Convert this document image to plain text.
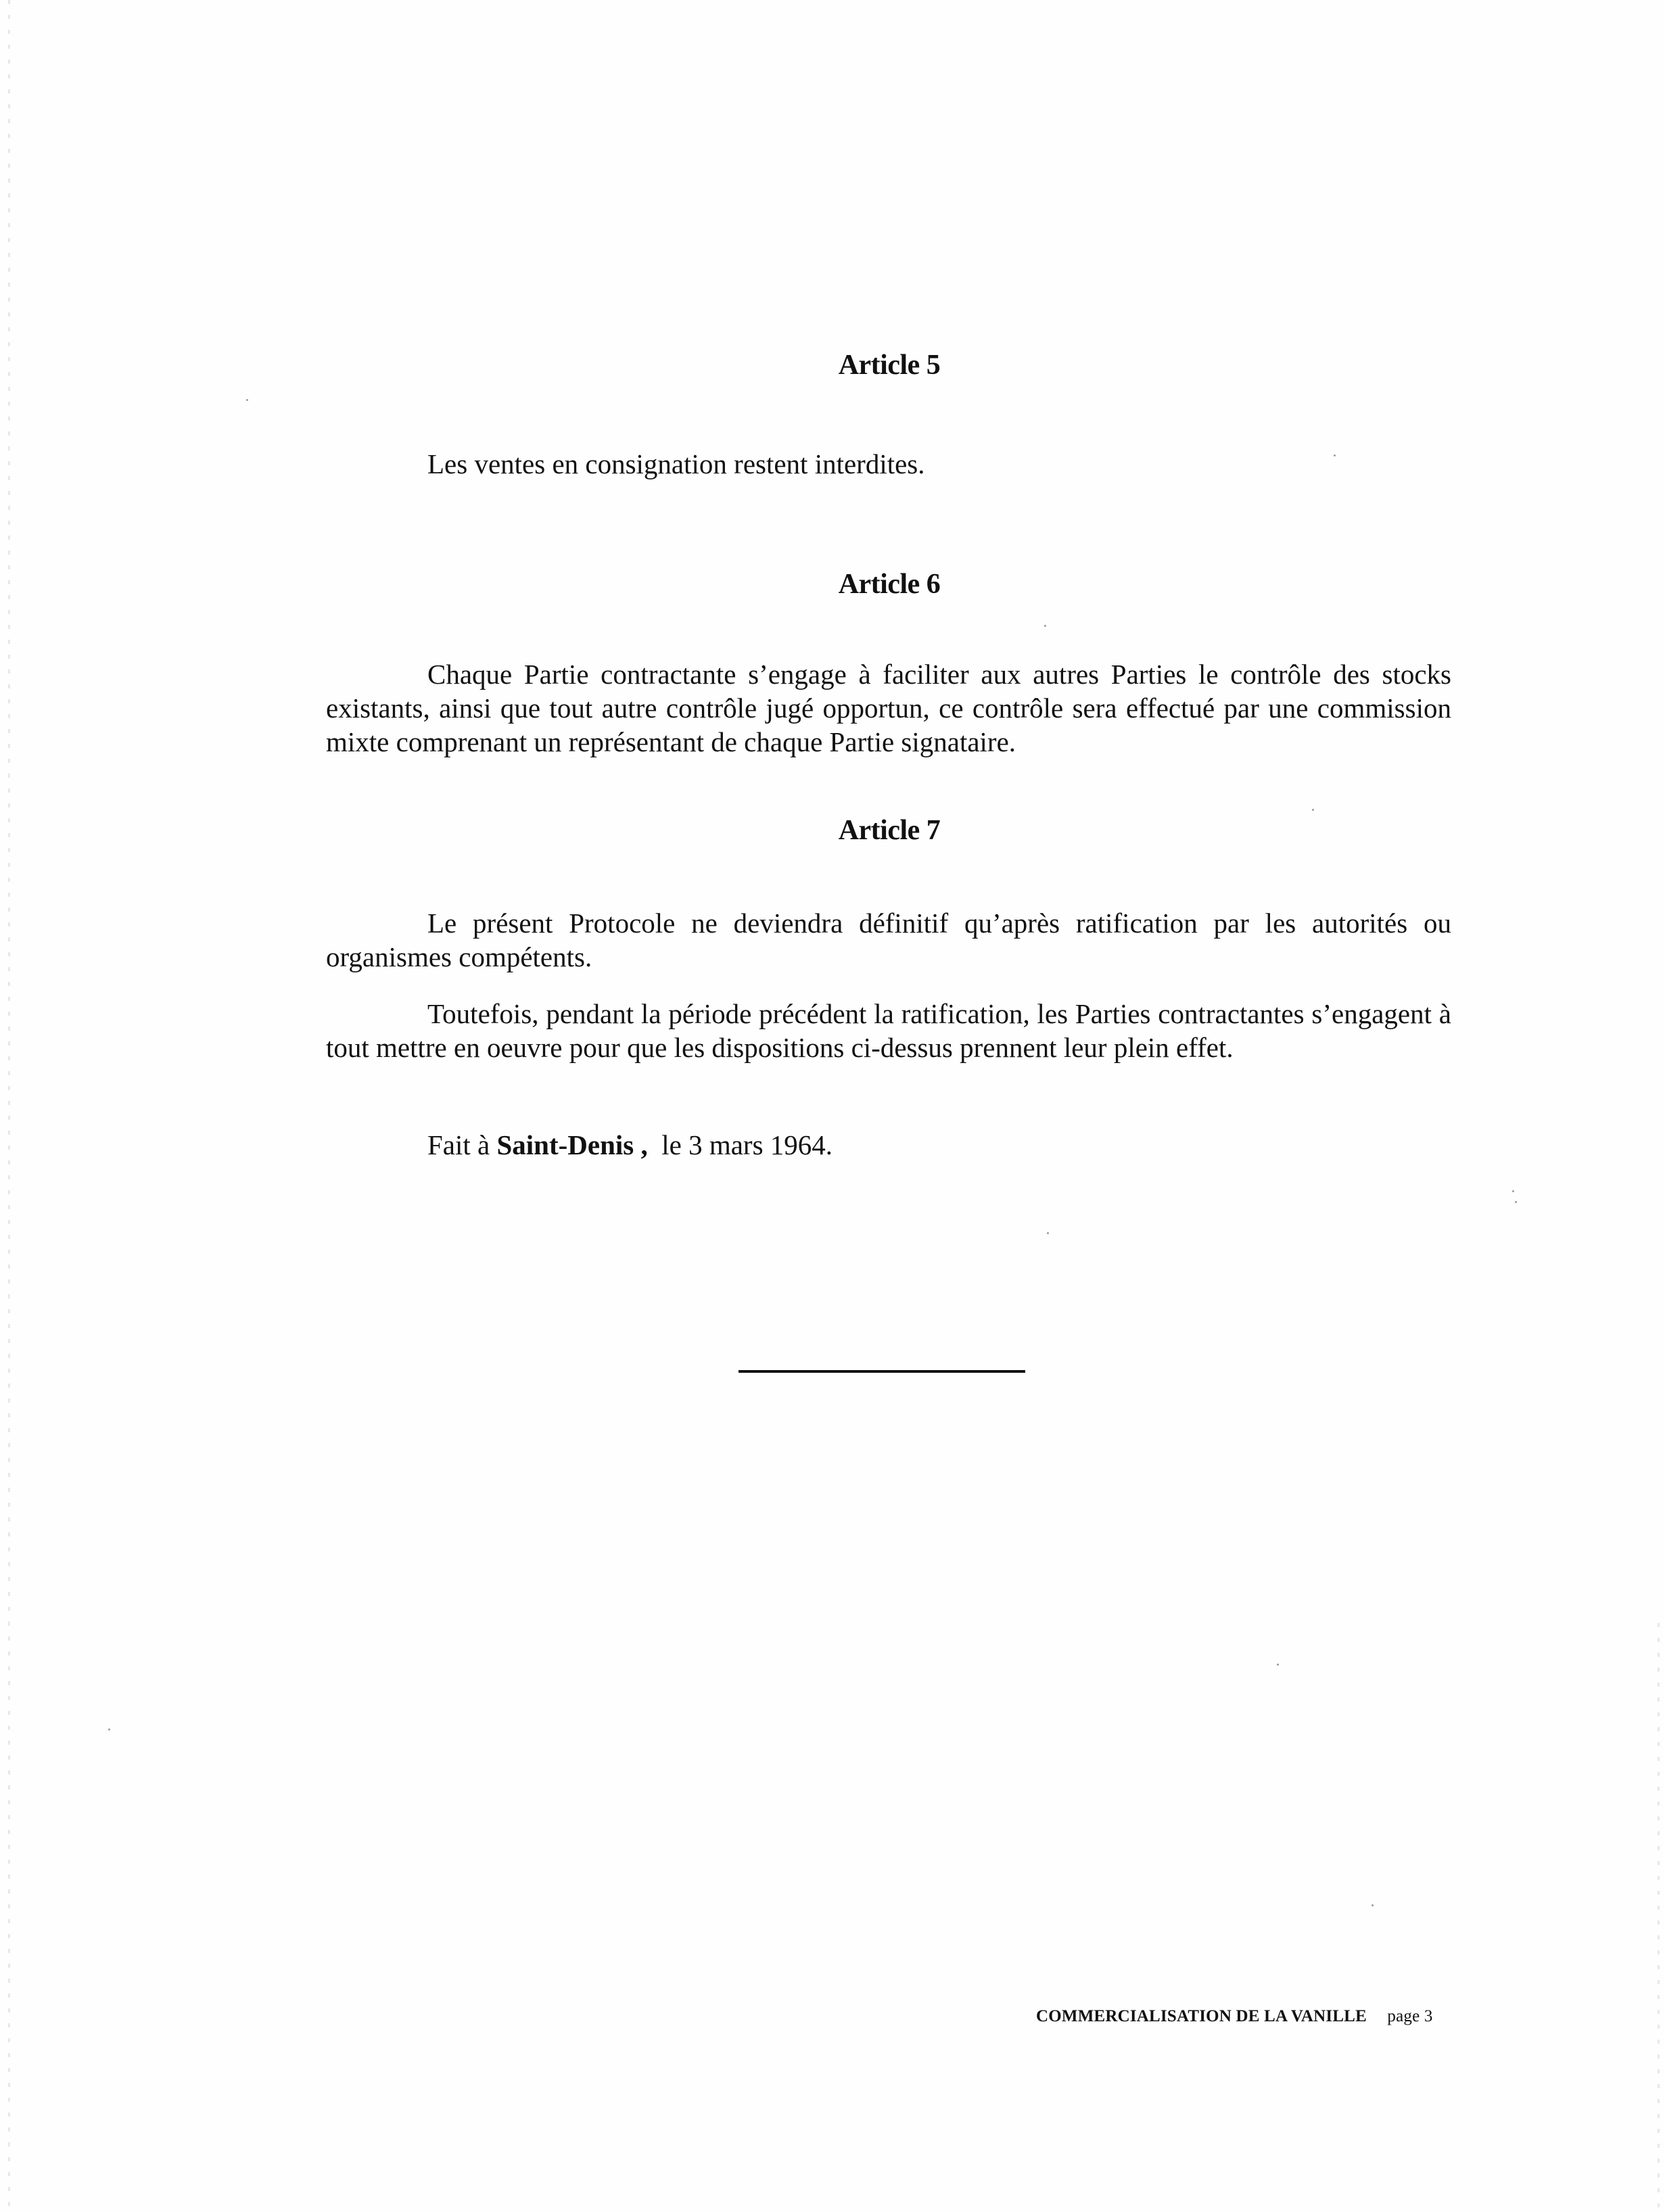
Article 5
Les ventes en consignation restent interdites.
Article 6
Chaque Partie contractante s’engage à faciliter aux autres Parties le contrôle des stocks existants, ainsi que tout autre contrôle jugé opportun, ce contrôle sera effectué par une commission mixte comprenant un représentant de chaque Partie signataire.
Article 7
Le présent Protocole ne deviendra définitif qu’après ratification par les autorités ou organismes compétents.
Toutefois, pendant la période précédent la ratification, les Parties contractantes s’engagent à tout mettre en oeuvre pour que les dispositions ci-dessus prennent leur plein effet.
Fait à Saint-Denis , le 3 mars 1964.
COMMERCIALISATION DE LA VANILLE page 3
